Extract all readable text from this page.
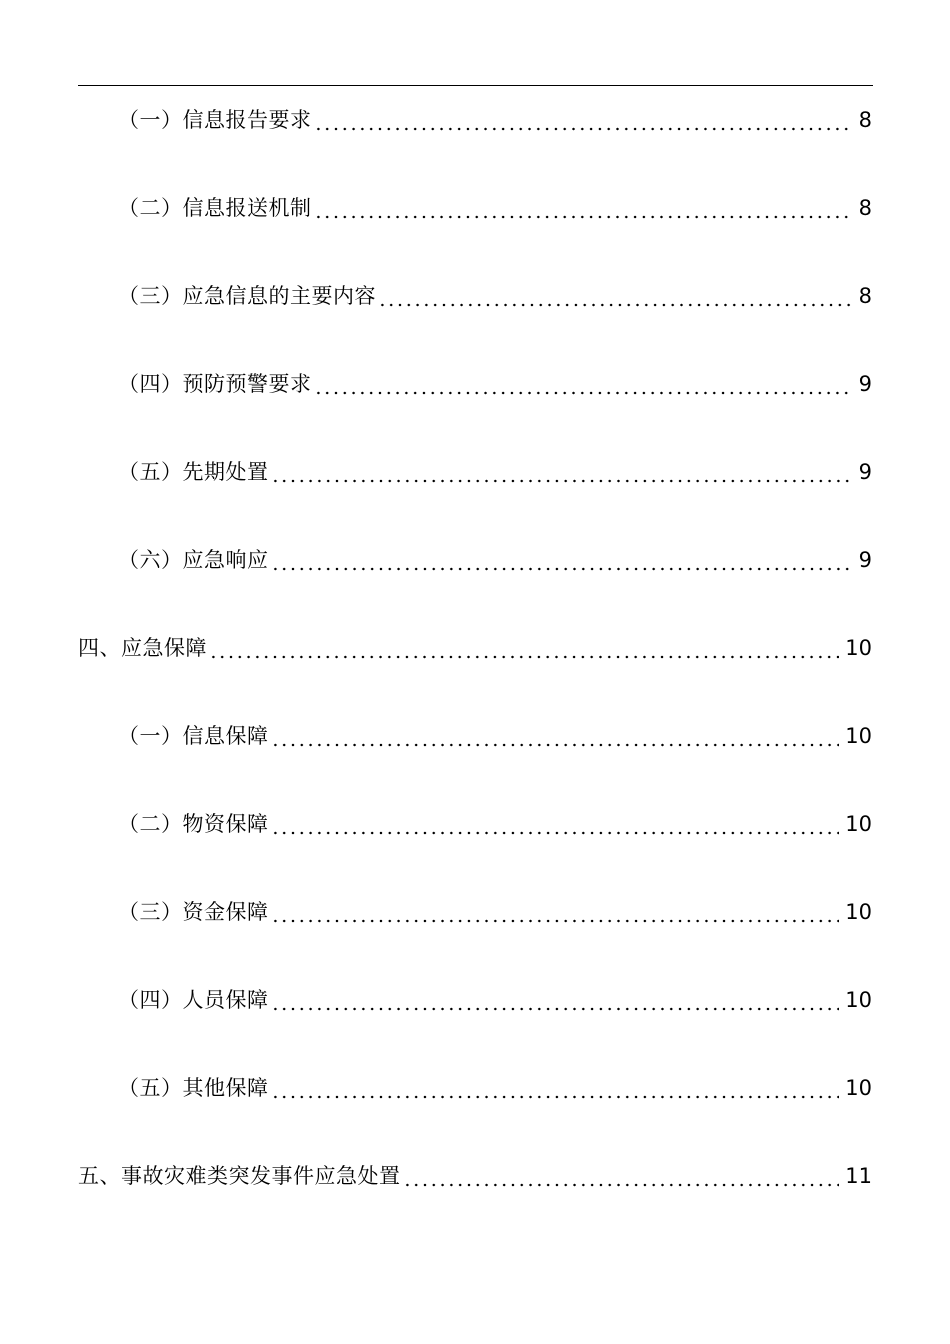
（一）信息报告要求	8
（二）信息报送机制	8
（三）应急信息的主要内容	8
（四）预防预警要求	9
（五）先期处置	9
（六）应急响应	9
四、应急保障	10
（一）信息保障	10
（二）物资保障	10
（三）资金保障	10
（四）人员保障	10
（五）其他保障	10
五、事故灾难类突发事件应急处置	11
